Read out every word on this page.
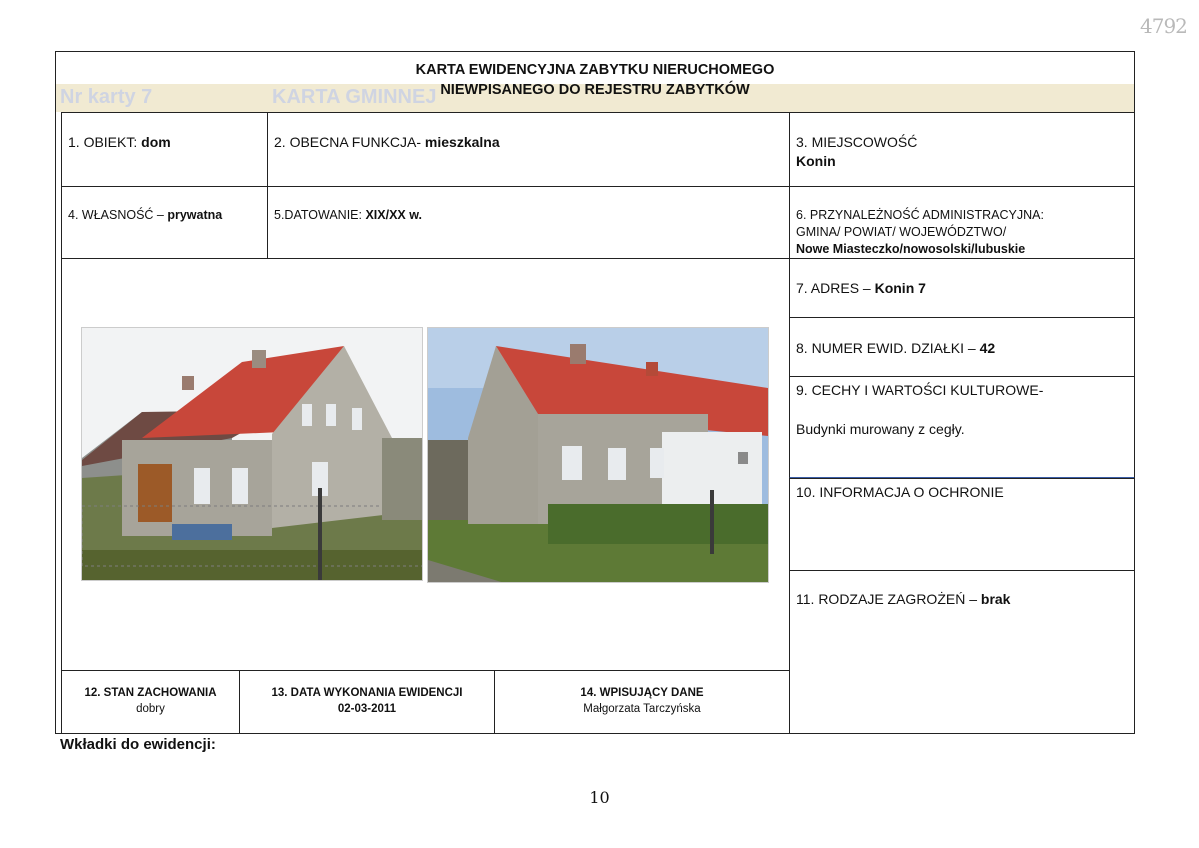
4792
Nr karty 7	KARTA GMINNEJ
KARTA EWIDENCYJNA ZABYTKU NIERUCHOMEGO
NIEWPISANEGO DO REJESTRU ZABYTKÓW
1. OBIEKT: dom	2. OBECNA FUNKCJA- mieszkalna	3. MIEJSCOWOŚĆ
Konin
4. WŁASNOŚĆ – prywatna	5.DATOWANIE: XIX/XX w.	6. PRZYNALEŻNOŚĆ ADMINISTRACYJNA:
GMINA/ POWIAT/ WOJEWÓDZTWO/
Nowe Miasteczko/nowosolski/lubuskie
7. ADRES – Konin 7
8. NUMER EWID. DZIAŁKI – 42
9. CECHY I WARTOŚCI KULTUROWE-
Budynki murowany z cegły.
10. INFORMACJA O OCHRONIE
11. RODZAJE ZAGROŻEŃ – brak
12. STAN ZACHOWANIA
dobry
13. DATA WYKONANIA EWIDENCJI
02-03-2011
14. WPISUJĄCY DANE
Małgorzata Tarczyńska
Wkładki do ewidencji:
10
